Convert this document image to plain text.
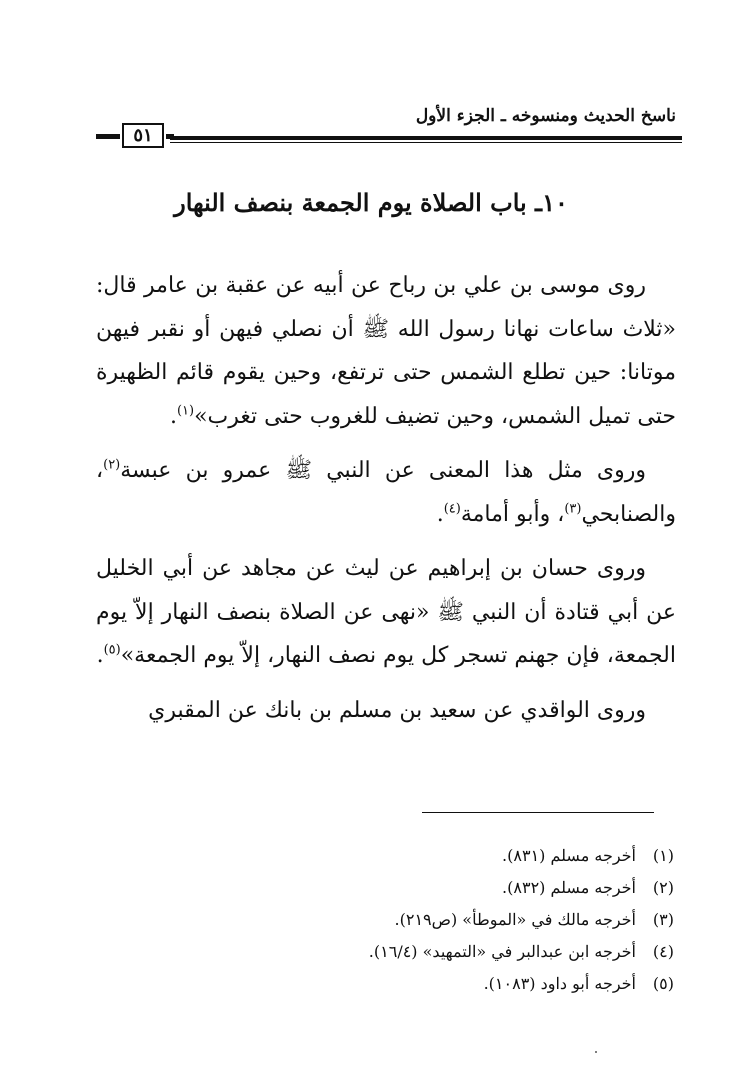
ناسخ الحديث ومنسوخه ـ الجزء الأول
٥١
١٠ـ باب الصلاة يوم الجمعة بنصف النهار

روى موسى بن علي بن رباح عن أبيه عن عقبة بن عامر قال: «ثلاث ساعات نهانا رسول الله ﷺ أن نصلي فيهن أو نقبر فيهن موتانا: حين تطلع الشمس حتى ترتفع، وحين يقوم قائم الظهيرة حتى تميل الشمس، وحين تضيف للغروب حتى تغرب»$^{(١)}$.

وروى مثل هذا المعنى عن النبي ﷺ عمرو بن عبسة$^{(٢)}$، والصنابحي$^{(٣)}$، وأبو أمامة$^{(٤)}$.

وروى حسان بن إبراهيم عن ليث عن مجاهد عن أبي الخليل عن أبي قتادة أن النبي ﷺ «نهى عن الصلاة بنصف النهار إلاّ يوم الجمعة، فإن جهنم تسجر كل يوم نصف النهار، إلاّ يوم الجمعة»$^{(٥)}$.

وروى الواقدي عن سعيد بن مسلم بن بانك عن المقبري

(١)أخرجه مسلم (٨٣١).
(٢)أخرجه مسلم (٨٣٢).
(٣)أخرجه مالك في «الموطأ» (ص٢١٩).
(٤)أخرجه ابن عبدالبر في «التمهيد» (١٦/٤).
(٥)أخرجه أبو داود (١٠٨٣).
